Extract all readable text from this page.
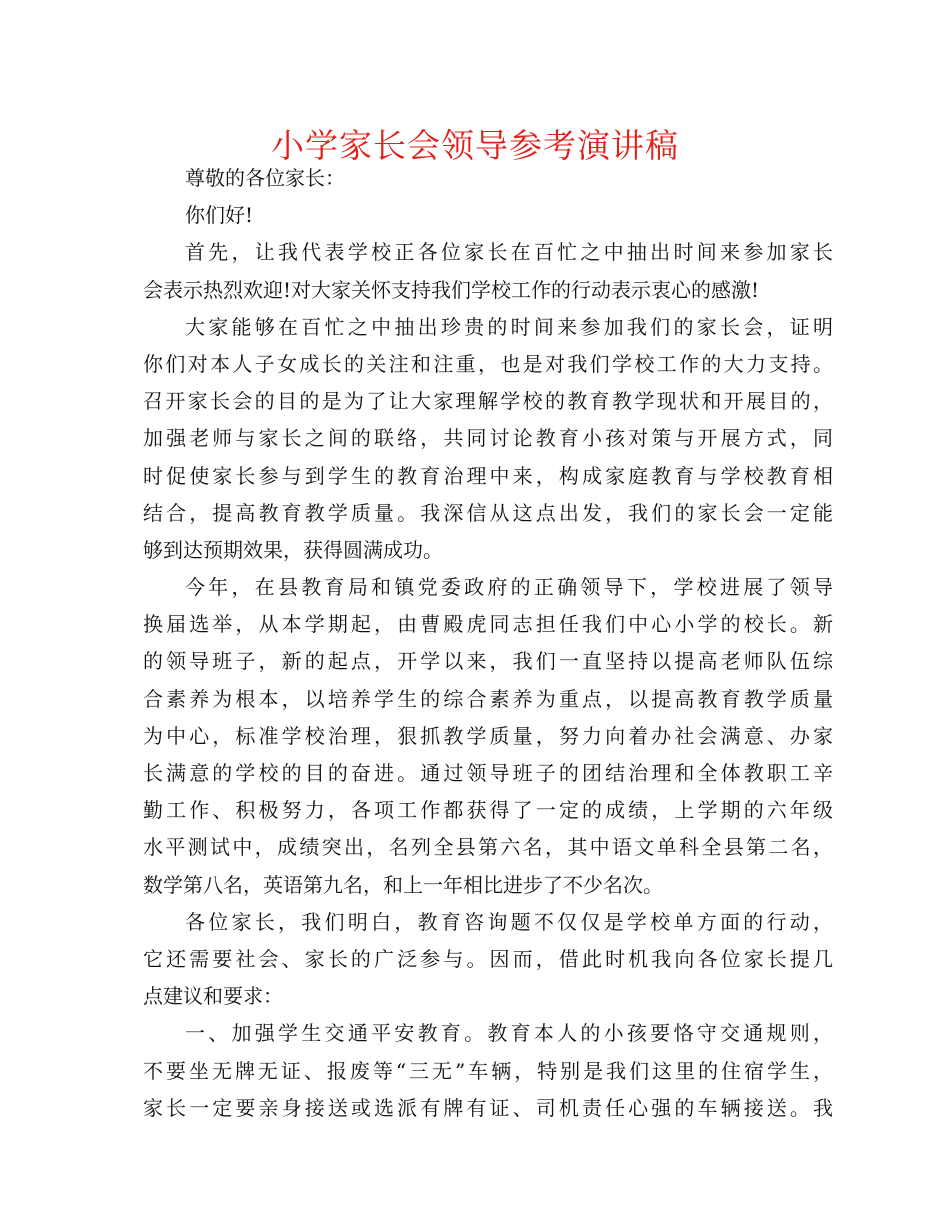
小学家长会领导参考演讲稿
尊敬的各位家长：
你们好!
首先，让我代表学校正各位家长在百忙之中抽出时间来参加家长
会表示热烈欢迎!对大家关怀支持我们学校工作的行动表示衷心的感激!
大家能够在百忙之中抽出珍贵的时间来参加我们的家长会，证明
你们对本人子女成长的关注和注重，也是对我们学校工作的大力支持。
召开家长会的目的是为了让大家理解学校的教育教学现状和开展目的，
加强老师与家长之间的联络，共同讨论教育小孩对策与开展方式，同
时促使家长参与到学生的教育治理中来，构成家庭教育与学校教育相
结合，提高教育教学质量。我深信从这点出发，我们的家长会一定能
够到达预期效果，获得圆满成功。
今年，在县教育局和镇党委政府的正确领导下，学校进展了领导
换届选举，从本学期起，由曹殿虎同志担任我们中心小学的校长。新
的领导班子，新的起点，开学以来，我们一直坚持以提高老师队伍综
合素养为根本，以培养学生的综合素养为重点，以提高教育教学质量
为中心，标准学校治理，狠抓教学质量，努力向着办社会满意、办家
长满意的学校的目的奋进。通过领导班子的团结治理和全体教职工辛
勤工作、积极努力，各项工作都获得了一定的成绩，上学期的六年级
水平测试中，成绩突出，名列全县第六名，其中语文单科全县第二名，
数学第八名，英语第九名，和上一年相比进步了不少名次。
各位家长，我们明白，教育咨询题不仅仅是学校单方面的行动，
它还需要社会、家长的广泛参与。因而，借此时机我向各位家长提几
点建议和要求：
一、加强学生交通平安教育。教育本人的小孩要恪守交通规则，
不要坐无牌无证、报废等“三无”车辆，特别是我们这里的住宿学生，
家长一定要亲身接送或选派有牌有证、司机责任心强的车辆接送。我
